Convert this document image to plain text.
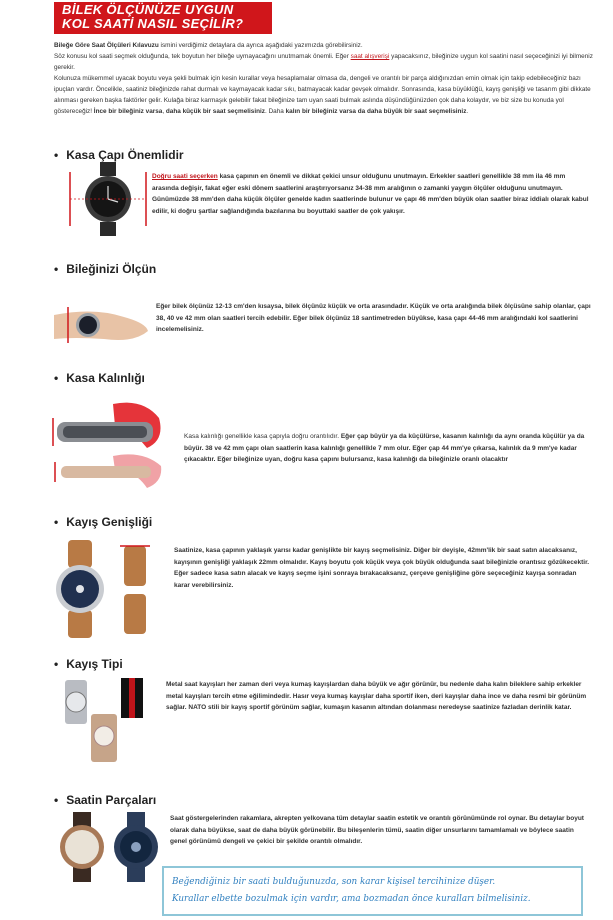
BİLEK ÖLÇÜNÜZE UYGUN
KOL SAATİ NASIL SEÇİLİR?

Bileğe Göre Saat Ölçüleri Kılavuzu ismini verdiğimiz detaylara da ayrıca aşağıdaki yazımızda görebilirsiniz.

Söz konusu kol saati seçmek olduğunda, tek boyutun her bileğe uymayacağını unutmamak önemli. Eğer saat alışverişi yapacaksınız, bileğinize uygun kol saatini nasıl seçeceğinizi iyi bilmeniz gerekir.

Kolunuza mükemmel uyacak boyutu veya şekli bulmak için kesin kurallar veya hesaplamalar olmasa da, dengeli ve orantılı bir parça aldığınızdan emin olmak için takip edebileceğiniz bazı ipuçları vardır. Öncelikle, saatiniz bileğinizde rahat durmalı ve kaymayacak kadar sıkı, batmayacak kadar gevşek olmalıdır. Sonrasında, kasa büyüklüğü, kayış genişliği ve tasarım gibi dikkate alınması gereken başka faktörler gelir. Kulağa biraz karmaşık gelebilir fakat bileğinize tam uyan saati bulmak aslında düşündüğünüzden çok daha kolaydır, ve biz size bu konuda yol göstereceğiz! İnce bir bileğiniz varsa, daha küçük bir saat seçmelisiniz. Daha kalın bir bileğiniz varsa da daha büyük bir saat seçmelisiniz.

• Kasa Çapı Önemlidir
Doğru saati seçerken kasa çapının en önemli ve dikkat çekici unsur olduğunu unutmayın. Erkekler saatleri genellikle 38 mm ila 46 mm arasında değişir, fakat eğer eski dönem saatlerini araştırıyorsanız 34-38 mm aralığının o zamanki yaygın ölçüler olduğunu unutmayın. Günümüzde 38 mm'den daha küçük ölçüler genelde kadın saatlerinde bulunur ve çapı 46 mm'den büyük olan saatler biraz iddialı olarak kabul edilir, ki doğru şartlar sağlandığında bazılarına bu boyuttaki saatler de çok yakışır.
• Bileğinizi Ölçün
Eğer bilek ölçünüz 12-13 cm'den kısaysa, bilek ölçünüz küçük ve orta arasındadır. Küçük ve orta aralığında bilek ölçüsüne sahip olanlar, çapı 38, 40 ve 42 mm olan saatleri tercih edebilir. Eğer bilek ölçünüz 18 santimetreden büyükse, kasa çapı 44-46 mm aralığındaki kol saatlerini incelemelisiniz.
• Kasa Kalınlığı
Kasa kalınlığı genellikle kasa çapıyla doğru orantılıdır. Eğer çap büyür ya da küçülürse, kasanın kalınlığı da aynı oranda küçülür ya da büyür. 38 ve 42 mm çapı olan saatlerin kasa kalınlığı genellikle 7 mm olur. Eğer çap 44 mm'ye çıkarsa, kalınlık da 9 mm'ye kadar çıkacaktır. Eğer bileğinize uyan, doğru kasa çapını bulursanız, kasa kalınlığı da bileğinizle oranlı olacaktır
• Kayış Genişliği
Saatinize, kasa çapının yaklaşık yarısı kadar genişlikte bir kayış seçmelisiniz. Diğer bir deyişle, 42mm'lik bir saat satın alacaksanız, kayışının genişliği yaklaşık 22mm olmalıdır. Kayış boyutu çok küçük veya çok büyük olduğunda saat bileğinizle orantısız gözükecektir. Eğer sadece kasa satın alacak ve kayış seçme işini sonraya bırakacaksanız, çerçeve genişliğine göre seçeceğiniz kayışa sonradan karar verebilirsiniz.
• Kayış Tipi
Metal saat kayışları her zaman deri veya kumaş kayışlardan daha büyük ve ağır görünür, bu nedenle daha kalın bileklere sahip erkekler metal kayışları tercih etme eğilimindedir. Hasır veya kumaş kayışlar daha sportif iken, deri kayışlar daha ince ve daha resmi bir görünüm sağlar. NATO stili bir kayış sportif görünüm sağlar, kumaşın kasanın altından dolanması neredeyse saatinize fazladan derinlik katar.
• Saatin Parçaları
Saat göstergelerinden rakamlara, akrepten yelkovana tüm detaylar saatin estetik ve orantılı görünümünde rol oynar. Bu detaylar boyut olarak daha büyükse, saat de daha büyük görünebilir. Bu bileşenlerin tümü, saatin diğer unsurlarını tamamlamalı ve böylece saatin genel görünümü dengeli ve çekici bir şekilde orantılı olmalıdır.

Beğendiğiniz bir saati bulduğunuzda, son karar kişisel tercihinize düşer.

Kurallar elbette bozulmak için vardır, ama bozmadan önce kuralları bilmelisiniz.
